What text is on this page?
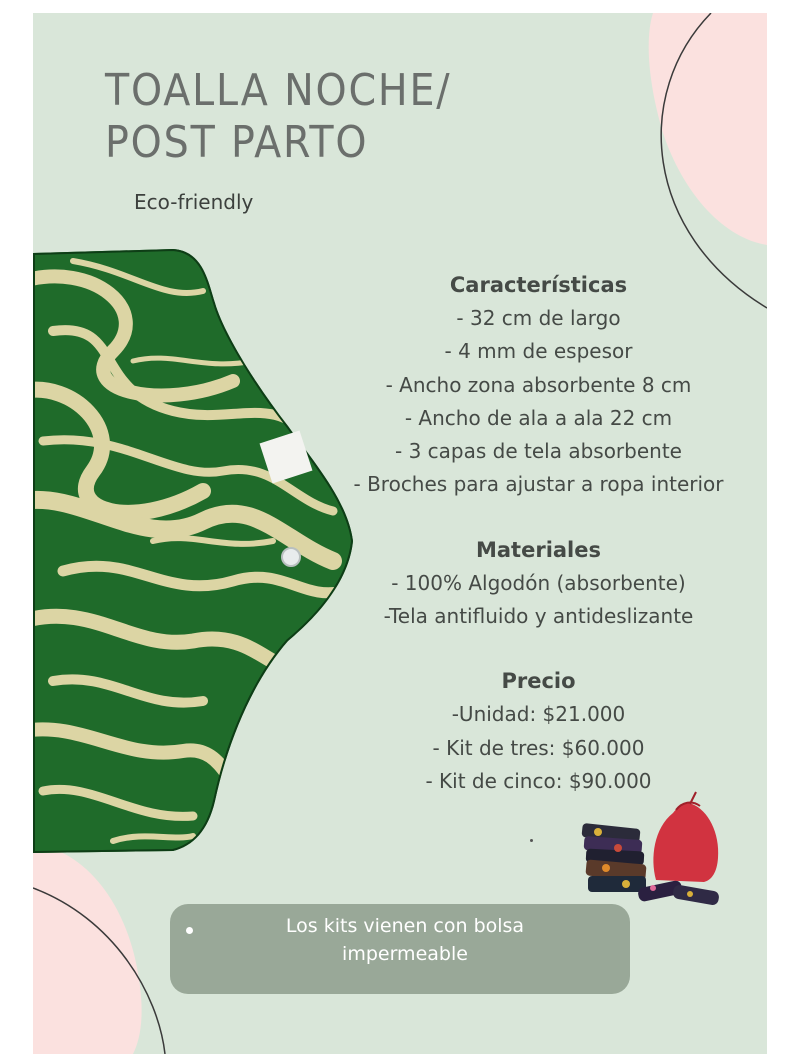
TOALLA NOCHE/
POST PARTO
Eco-friendly
Características
- 32 cm de largo
- 4 mm de espesor
- Ancho zona absorbente 8 cm
- Ancho de ala a ala 22 cm
- 3 capas de tela absorbente
- Broches para ajustar a ropa interior
Materiales
- 100% Algodón (absorbente)
-Tela antifluido y antideslizante
Precio
-Unidad: $21.000
- Kit de tres: $60.000
- Kit de cinco: $90.000
Los kits vienen con bolsa
impermeable
